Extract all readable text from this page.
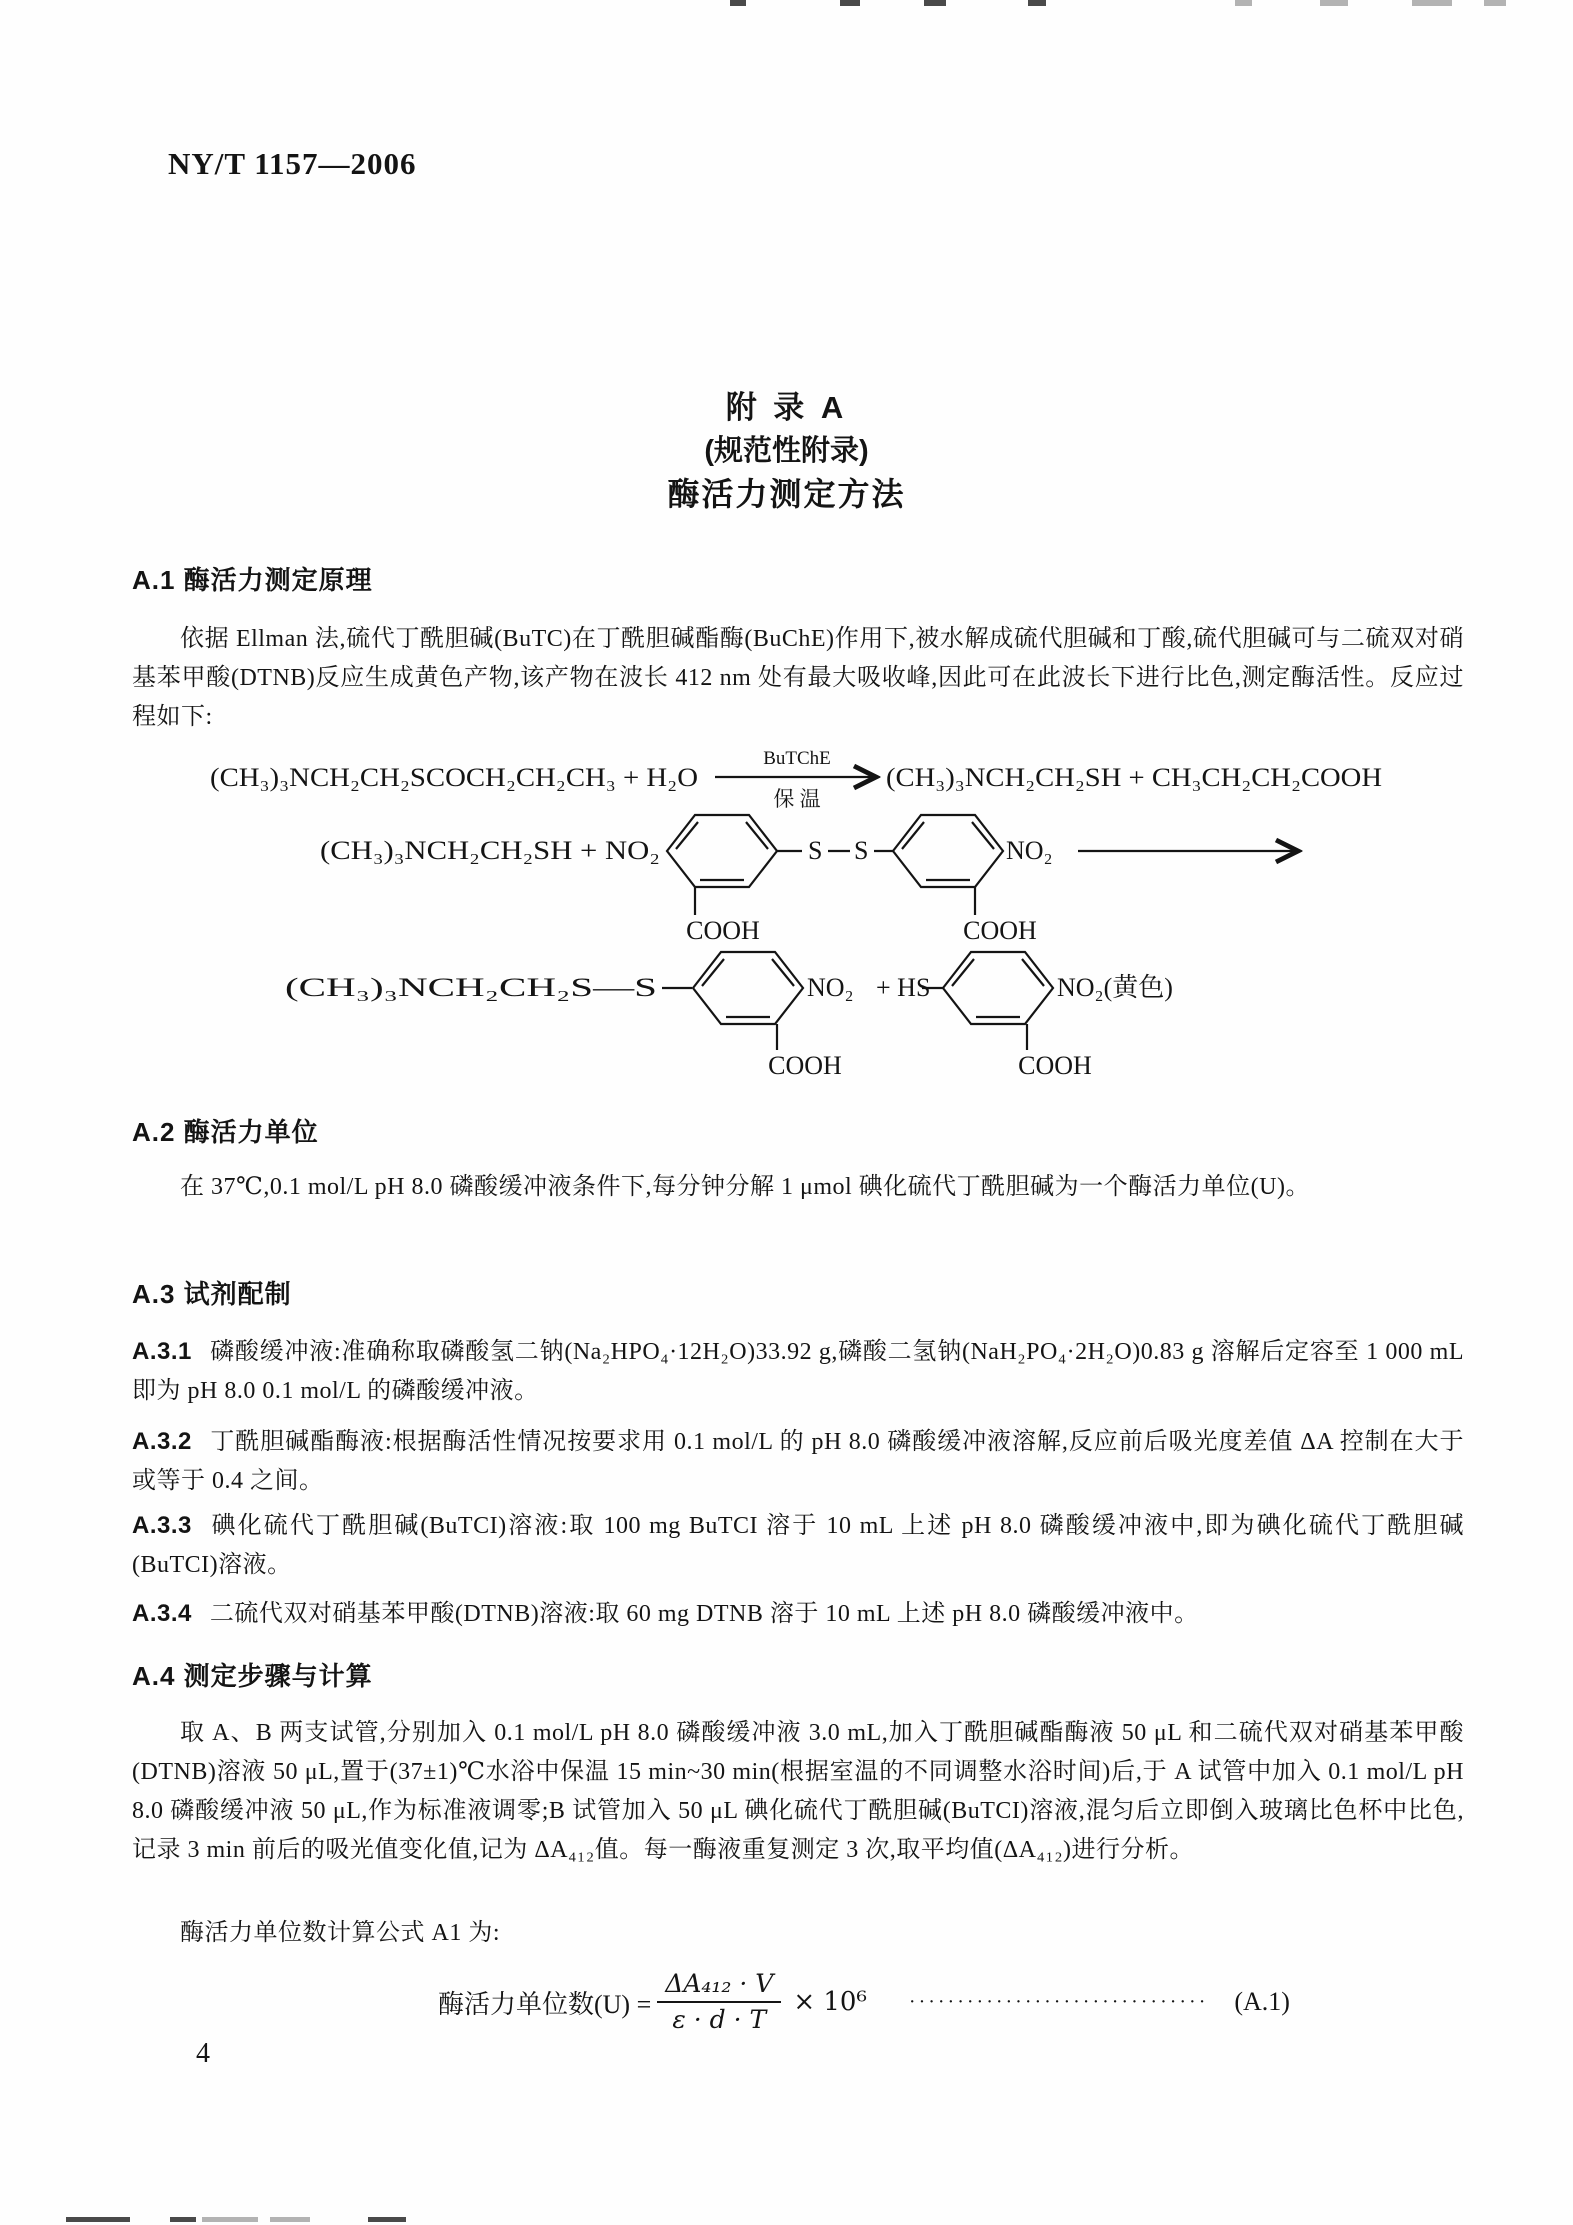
NY/T 1157—2006
附 录 A
(规范性附录)
酶活力测定方法
A.1 酶活力测定原理
依据 Ellman 法,硫代丁酰胆碱(BuTC)在丁酰胆碱酯酶(BuChE)作用下,被水解成硫代胆碱和丁酸,硫代胆碱可与二硫双对硝基苯甲酸(DTNB)反应生成黄色产物,该产物在波长 412 nm 处有最大吸收峰,因此可在此波长下进行比色,测定酶活性。反应过程如下:
(CH₃)₃NCH₂CH₂SCOCH₂CH₂CH₃ + H₂O
BuTChE
保 温
(CH₃)₃NCH₂CH₂SH + CH₃CH₂CH₂COOH
(CH₃)₃NCH₂CH₂SH + NO₂	S S	NO₂
COOH	COOH
(CH₃)₃NCH₂CH₂S—S	NO₂ + HS	NO₂(黄色)
COOH	COOH
A.2 酶活力单位
在 37℃,0.1 mol/L pH 8.0 磷酸缓冲液条件下,每分钟分解 1 μmol 碘化硫代丁酰胆碱为一个酶活力单位(U)。
A.3 试剂配制
A.3.1 磷酸缓冲液:准确称取磷酸氢二钠(Na₂HPO₄·12H₂O)33.92 g,磷酸二氢钠(NaH₂PO₄·2H₂O)0.83 g 溶解后定容至 1 000 mL 即为 pH 8.0 0.1 mol/L 的磷酸缓冲液。
A.3.2 丁酰胆碱酯酶液:根据酶活性情况按要求用 0.1 mol/L 的 pH 8.0 磷酸缓冲液溶解,反应前后吸光度差值 ΔA 控制在大于或等于 0.4 之间。
A.3.3 碘化硫代丁酰胆碱(BuTCI)溶液:取 100 mg BuTCI 溶于 10 mL 上述 pH 8.0 磷酸缓冲液中,即为碘化硫代丁酰胆碱(BuTCI)溶液。
A.3.4 二硫代双对硝基苯甲酸(DTNB)溶液:取 60 mg DTNB 溶于 10 mL 上述 pH 8.0 磷酸缓冲液中。
A.4 测定步骤与计算
取 A、B 两支试管,分别加入 0.1 mol/L pH 8.0 磷酸缓冲液 3.0 mL,加入丁酰胆碱酯酶液 50 μL 和二硫代双对硝基苯甲酸(DTNB)溶液 50 μL,置于(37±1)℃水浴中保温 15 min~30 min(根据室温的不同调整水浴时间)后,于 A 试管中加入 0.1 mol/L pH 8.0 磷酸缓冲液 50 μL,作为标准液调零;B 试管加入 50 μL 碘化硫代丁酰胆碱(BuTCI)溶液,混匀后立即倒入玻璃比色杯中比色,记录 3 min 前后的吸光值变化值,记为 ΔA₄₁₂值。每一酶液重复测定 3 次,取平均值(ΔA₄₁₂)进行分析。
酶活力单位数计算公式 A1 为:
酶活力单位数$(U) = \frac{\text{ΔA₄₁₂ · V}}{\varepsilon \cdot d \cdot T} \times 10^6$ ······························· (A.1)
4
